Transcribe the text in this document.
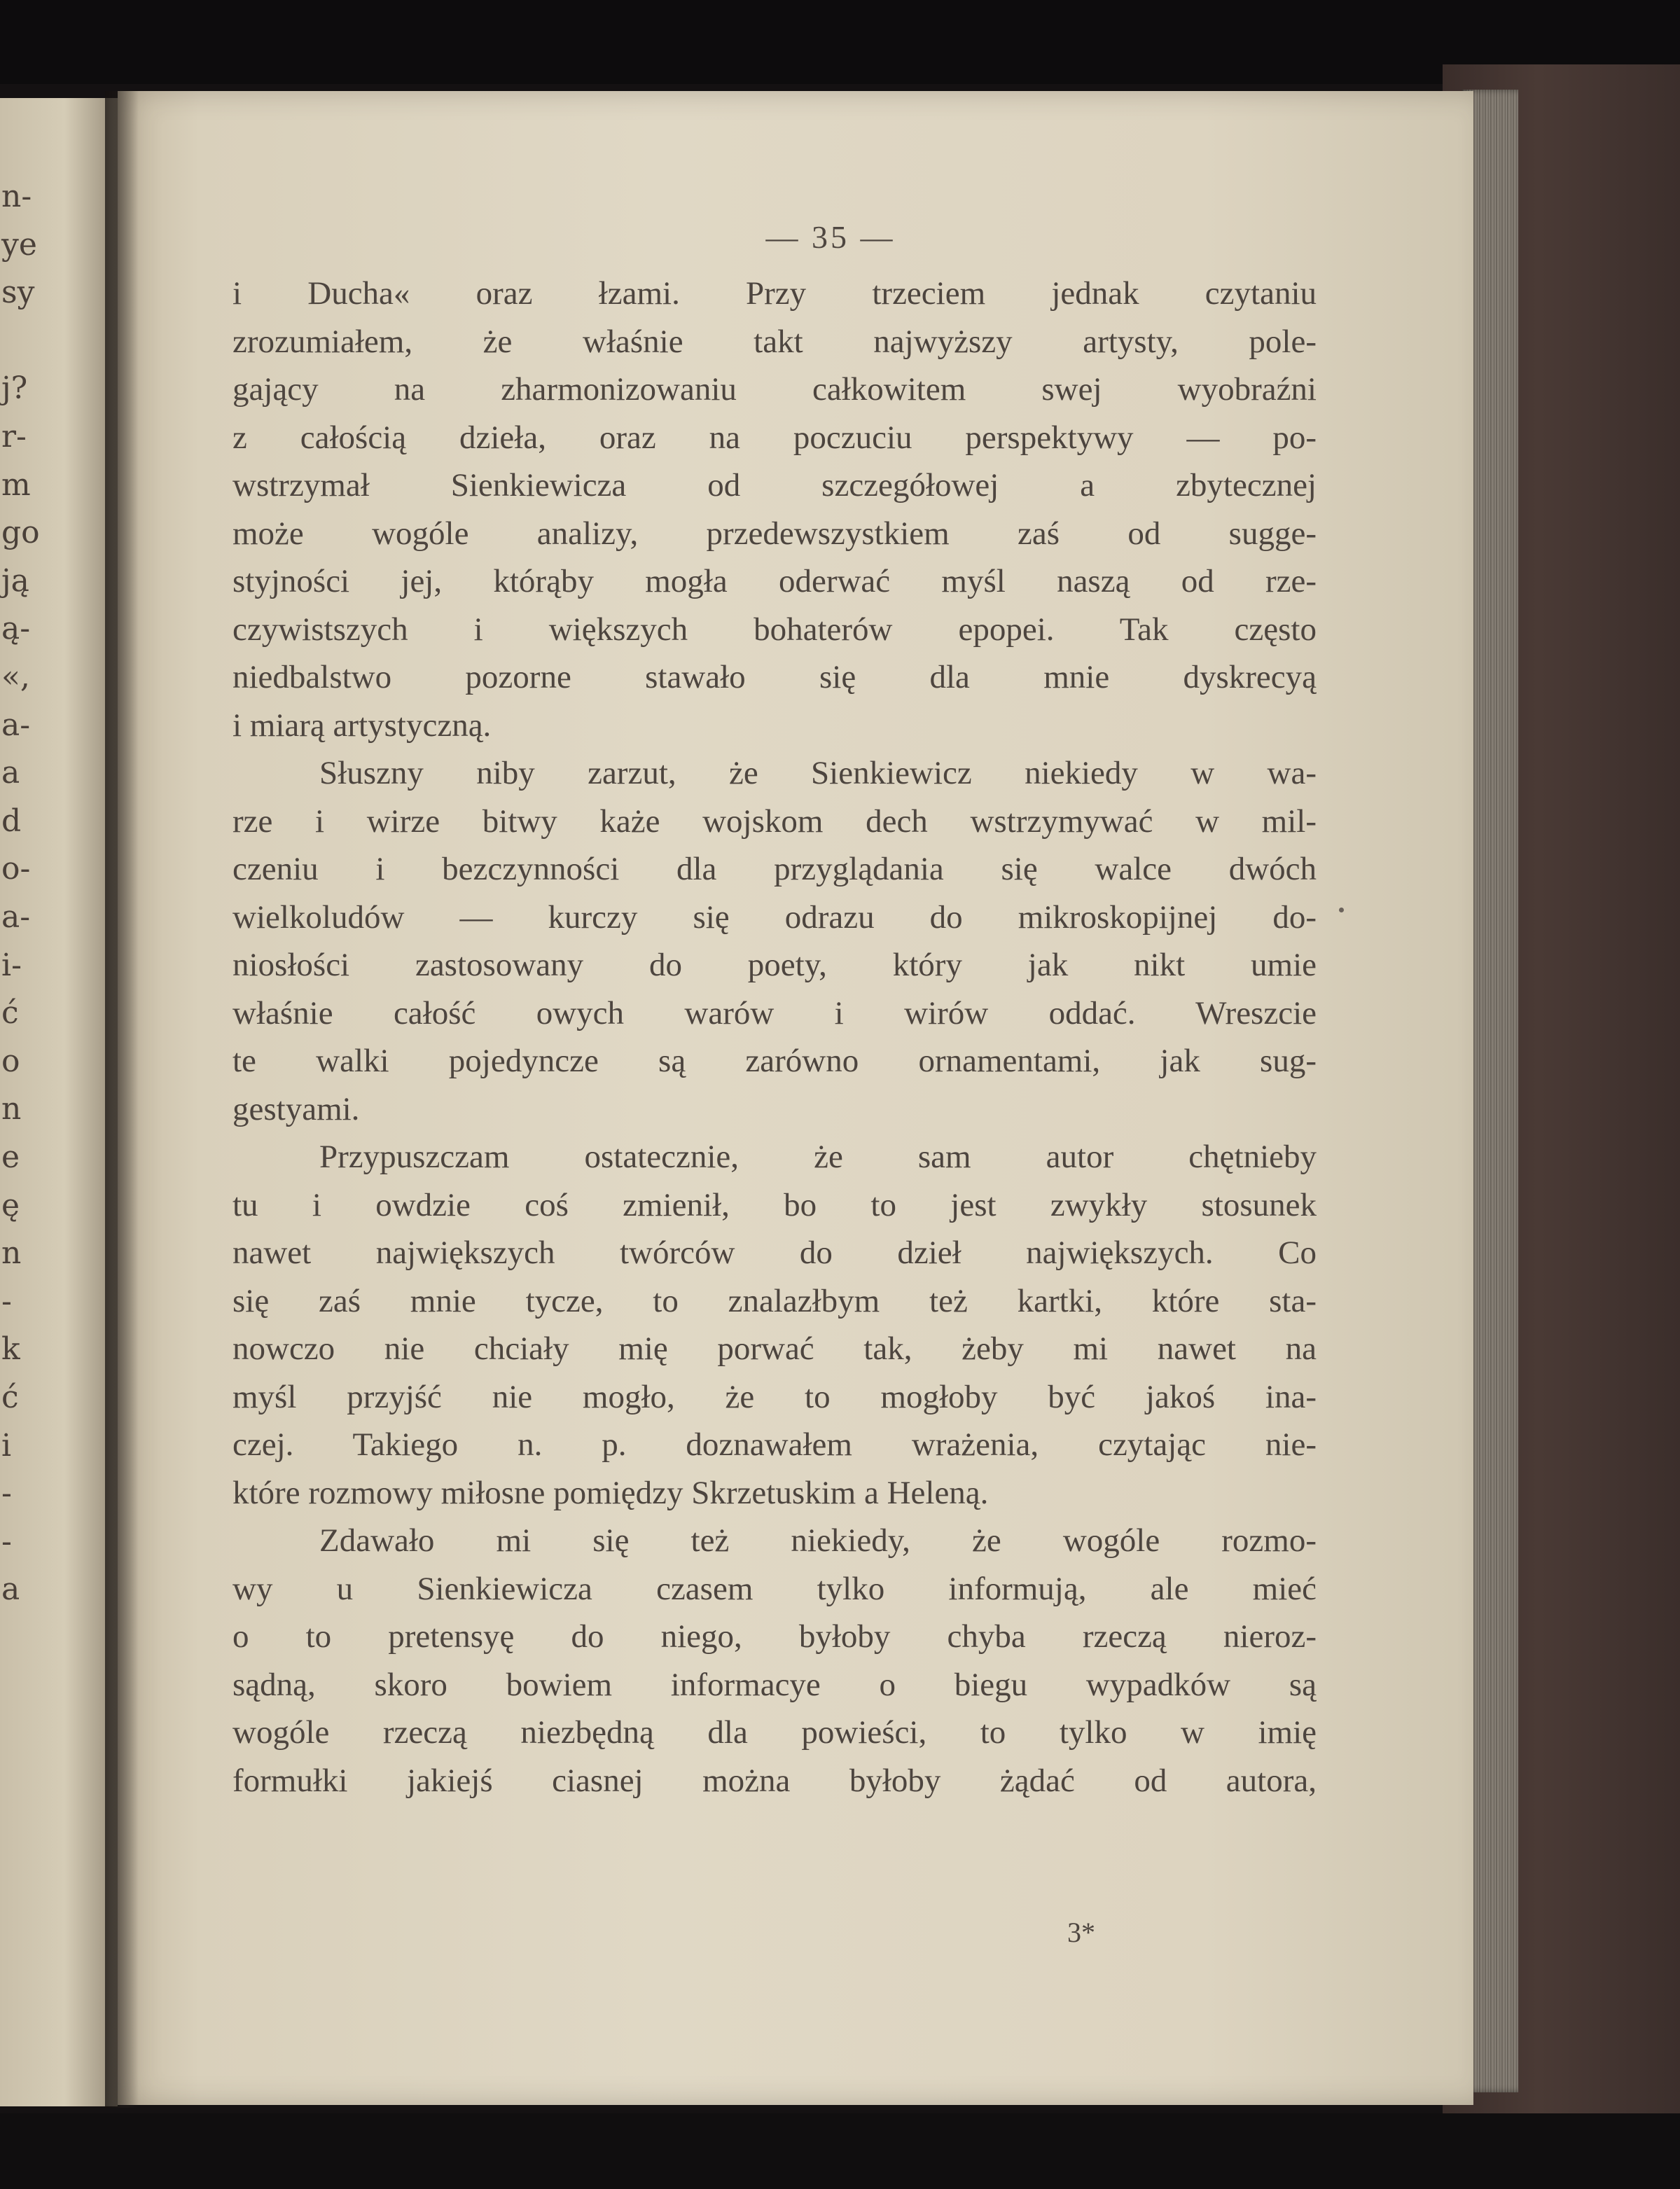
n-
ye
sy
j?
r-
m
go
ją
ą-
«,
a-
a
d
o-
a-
i-
ć
o
n
e
ę
n
-
k
ć
i
-
-
a
— 35 —
i Ducha« oraz łzami. Przy trzeciem jednak czytaniu
zrozumiałem, że właśnie takt najwyższy artysty, pole-
gający na zharmonizowaniu całkowitem swej wyobraźni
z całością dzieła, oraz na poczuciu perspektywy — po-
wstrzymał Sienkiewicza od szczegółowej a zbytecznej
może wogóle analizy, przedewszystkiem zaś od sugge-
styjności jej, którąby mogła oderwać myśl naszą od rze-
czywistszych i większych bohaterów epopei. Tak często
niedbalstwo pozorne stawało się dla mnie dyskrecyą
i miarą artystyczną.
Słuszny niby zarzut, że Sienkiewicz niekiedy w wa-
rze i wirze bitwy każe wojskom dech wstrzymywać w mil-
czeniu i bezczynności dla przyglądania się walce dwóch
wielkoludów — kurczy się odrazu do mikroskopijnej do-
niosłości zastosowany do poety, który jak nikt umie
właśnie całość owych warów i wirów oddać. Wreszcie
te walki pojedyncze są zarówno ornamentami, jak sug-
gestyami.
Przypuszczam ostatecznie, że sam autor chętnieby
tu i owdzie coś zmienił, bo to jest zwykły stosunek
nawet największych twórców do dzieł największych. Co
się zaś mnie tycze, to znalazłbym też kartki, które sta-
nowczo nie chciały mię porwać tak, żeby mi nawet na
myśl przyjść nie mogło, że to mogłoby być jakoś ina-
czej. Takiego n. p. doznawałem wrażenia, czytając nie-
które rozmowy miłosne pomiędzy Skrzetuskim a Heleną.
Zdawało mi się też niekiedy, że wogóle rozmo-
wy u Sienkiewicza czasem tylko informują, ale mieć
o to pretensyę do niego, byłoby chyba rzeczą nieroz-
sądną, skoro bowiem informacye o biegu wypadków są
wogóle rzeczą niezbędną dla powieści, to tylko w imię
formułki jakiejś ciasnej można byłoby żądać od autora,
3*
